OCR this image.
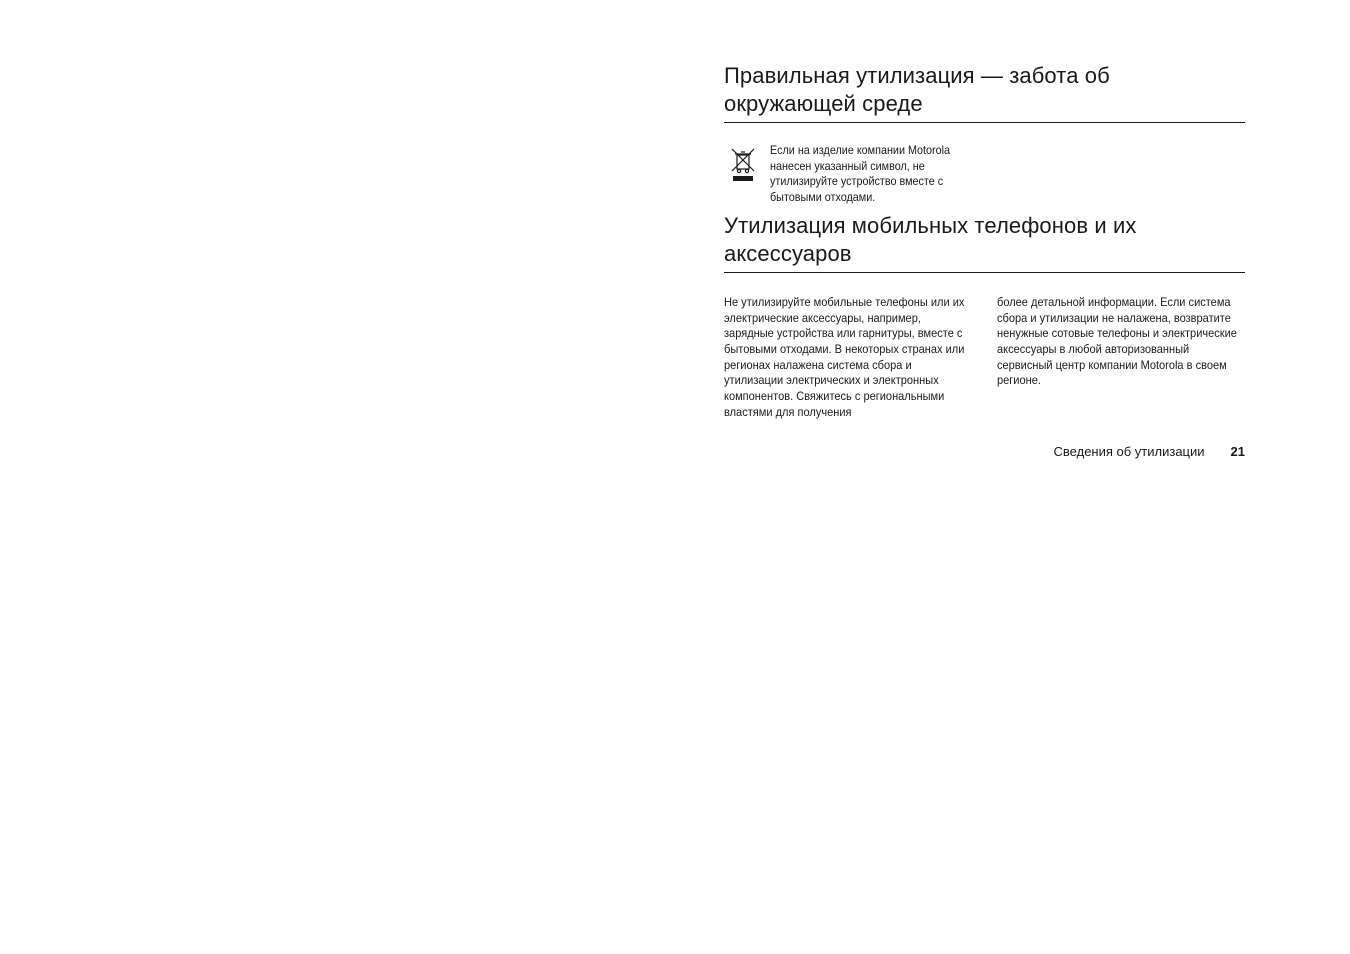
Правильная утилизация — забота об окружающей среде
Если на изделие компании Motorola нанесен указанный символ, не утилизируйте устройство вместе с бытовыми отходами.
Утилизация мобильных телефонов и их аксессуаров

Не утилизируйте мобильные телефоны или их электрические аксессуары, например, зарядные устройства или гарнитуры, вместе с бытовыми отходами. В некоторых странах или регионах налажена система сбора и утилизации электрических и электронных компонентов. Свяжитесь с региональными властями для получения

более детальной информации. Если система сбора и утилизации не налажена, возвратите ненужные сотовые телефоны и электрические аксессуары в любой авторизованный сервисный центр компании Motorola в своем регионе.

Сведения об утилизации 21
